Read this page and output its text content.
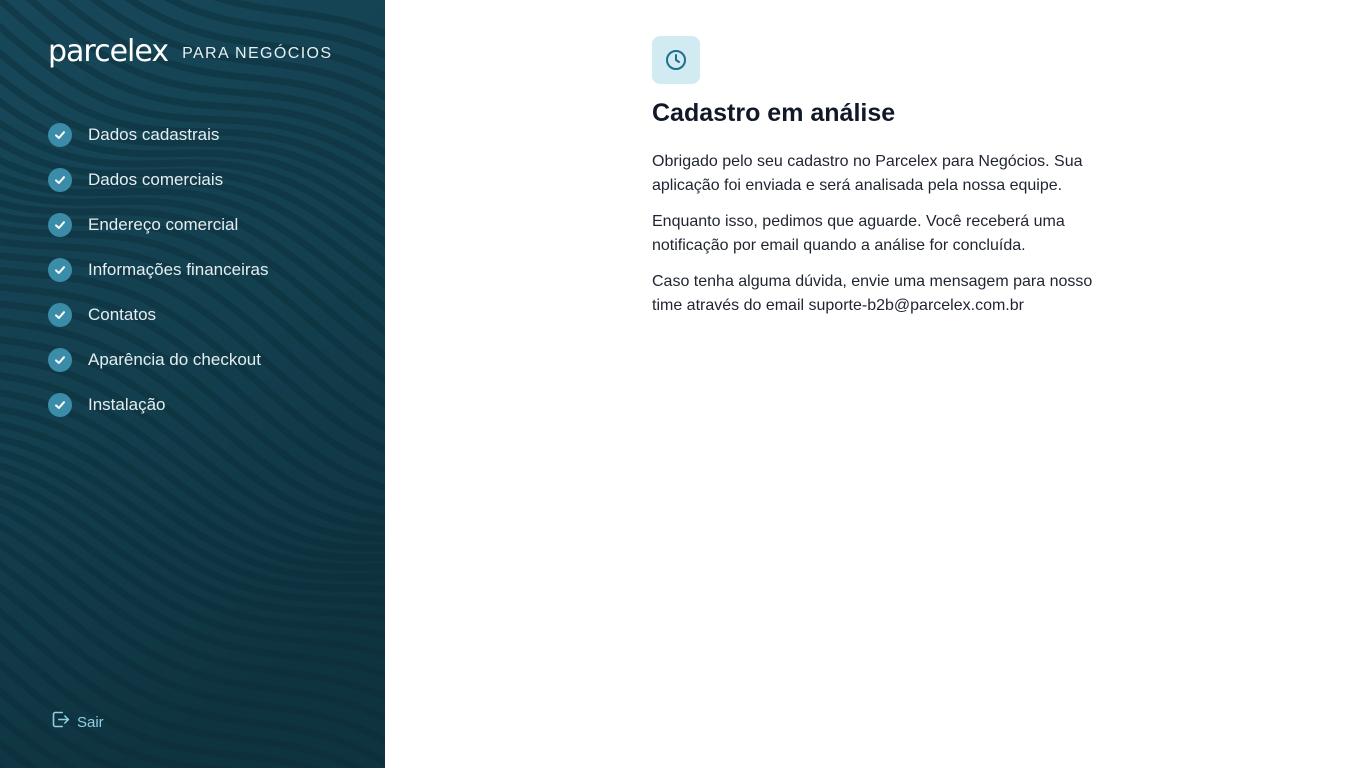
parcelex PARA NEGÓCIOS
Dados cadastrais
Dados comerciais
Endereço comercial
Informações financeiras
Contatos
Aparência do checkout
Instalação
Sair
Cadastro em análise

Obrigado pelo seu cadastro no Parcelex para Negócios. Sua aplicação foi enviada e será analisada pela nossa equipe.

Enquanto isso, pedimos que aguarde. Você receberá uma notificação por email quando a análise for concluída.

Caso tenha alguma dúvida, envie uma mensagem para nosso time através do email suporte-b2b@parcelex.com.br
